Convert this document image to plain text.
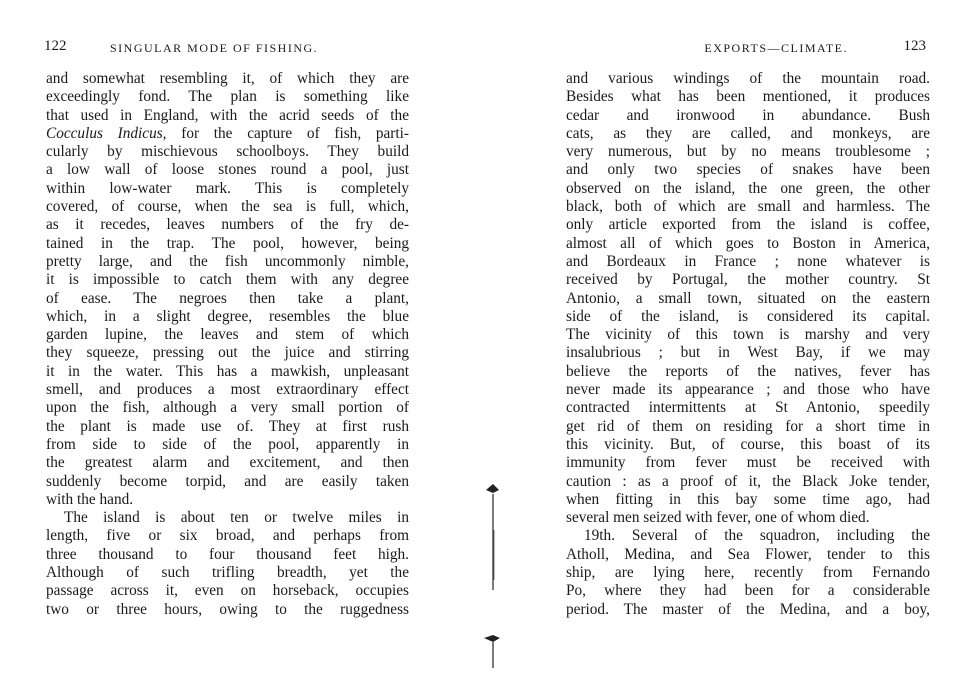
122	SINGULAR MODE OF FISHING.
and somewhat resembling it, of which they are
exceedingly fond. The plan is something like
that used in England, with the acrid seeds of the
Cocculus Indicus, for the capture of fish, parti-
cularly by mischievous schoolboys. They build
a low wall of loose stones round a pool, just
within low-water mark. This is completely
covered, of course, when the sea is full, which,
as it recedes, leaves numbers of the fry de-
tained in the trap. The pool, however, being
pretty large, and the fish uncommonly nimble,
it is impossible to catch them with any degree
of ease. The negroes then take a plant,
which, in a slight degree, resembles the blue
garden lupine, the leaves and stem of which
they squeeze, pressing out the juice and stirring
it in the water. This has a mawkish, unpleasant
smell, and produces a most extraordinary effect
upon the fish, although a very small portion of
the plant is made use of. They at first rush
from side to side of the pool, apparently in
the greatest alarm and excitement, and then
suddenly become torpid, and are easily taken
with the hand.
The island is about ten or twelve miles in
length, five or six broad, and perhaps from
three thousand to four thousand feet high.
Although of such trifling breadth, yet the
passage across it, even on horseback, occupies
two or three hours, owing to the ruggedness
EXPORTS—CLIMATE.	123
and various windings of the mountain road.
Besides what has been mentioned, it produces
cedar and ironwood in abundance. Bush
cats, as they are called, and monkeys, are
very numerous, but by no means troublesome ;
and only two species of snakes have been
observed on the island, the one green, the other
black, both of which are small and harmless. The
only article exported from the island is coffee,
almost all of which goes to Boston in America,
and Bordeaux in France ; none whatever is
received by Portugal, the mother country. St
Antonio, a small town, situated on the eastern
side of the island, is considered its capital.
The vicinity of this town is marshy and very
insalubrious ; but in West Bay, if we may
believe the reports of the natives, fever has
never made its appearance ; and those who have
contracted intermittents at St Antonio, speedily
get rid of them on residing for a short time in
this vicinity. But, of course, this boast of its
immunity from fever must be received with
caution : as a proof of it, the Black Joke tender,
when fitting in this bay some time ago, had
several men seized with fever, one of whom died.
19th. Several of the squadron, including the
Atholl, Medina, and Sea Flower, tender to this
ship, are lying here, recently from Fernando
Po, where they had been for a considerable
period. The master of the Medina, and a boy,
